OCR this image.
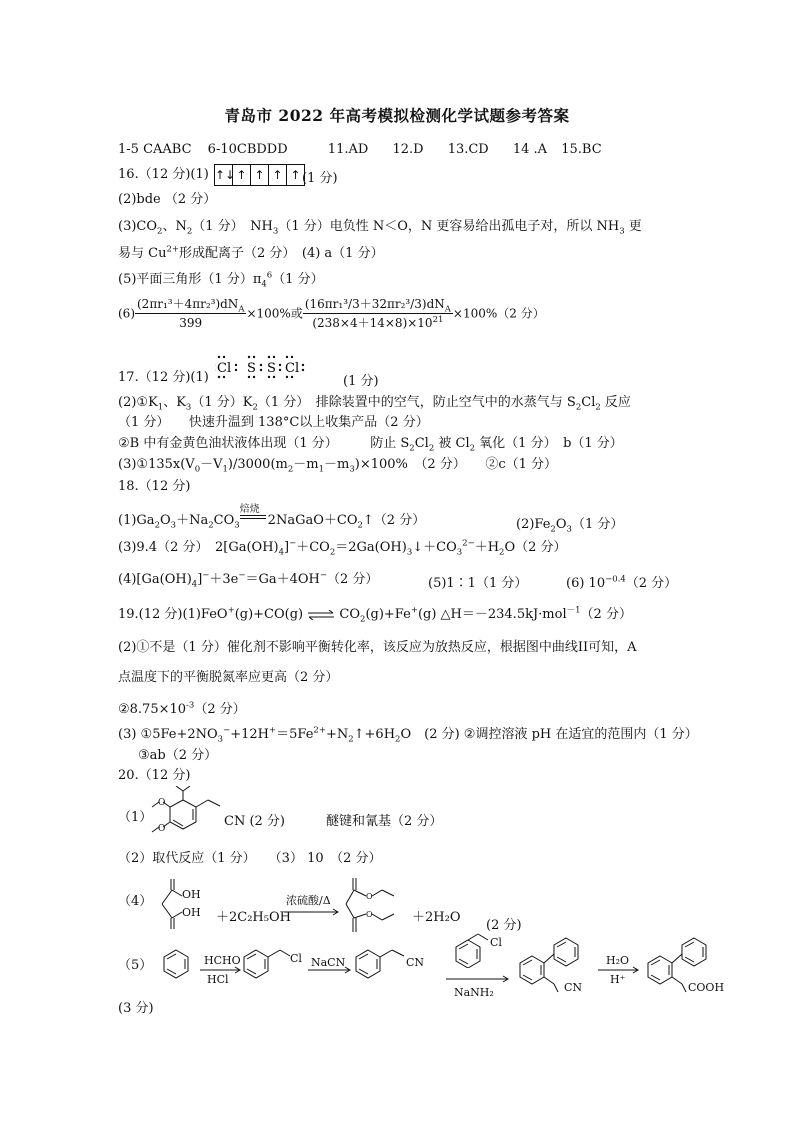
青岛市 2022 年高考模拟检测化学试题参考答案
1-5 CAABC 6-10CBDDD	11.AD 12.D 13.CD 14 .A 15.BC
16.（12 分)(1) ↑↓ ↑ ↑ ↑ ↑ (1 分)
(2)bde （2 分）
$(3)CO_2$、$N_2(1$ 分）　$NH_3(1$ 分）电负性 N＜O，N 更容易给出孤电子对，所以 $NH_3$ 更
易与 $Cu^{2+}$形成配离子（2 分）　(4) a（1 分）
(5)平面三角形（1 分）$\pi_4^6(1$ 分）
$(6) \frac{(2\pi r_1^3+4\pi r_2^3)dN_A}{399} \times 100\%$或 $\frac{(16\pi r_1^3/3+32\pi r_2^3/3)dN_A}{(238\times 4+14\times 8)\times 10^{21}} \times 100\%(2$ 分）
17.（12 分)(1)
Cl S S Cl
(1 分)
$(2)①K_1$、$K_3(1$ 分）$K_2(1$ 分）　排除装置中的空气，防止空气中的水蒸气与 $S_2Cl_2$ 反应
（1 分）　　快速升温到 138°C以上收集产品（2 分）
②B 中有金黄色油状液体出现（1 分）　　　防止 $S_2Cl_2$ 被 $Cl_2$ 氧化（1 分）　b（1 分）
$(3)①135x(V_0-V_1)/3000(m_2-m_1-m_3)\times 100\%$　（2 分）　　②c（1 分）
18.（12 分)
$(1)Ga_2O_3+Na_2CO_3$
焙烧
$2NaGaO+CO_2↑(2$ 分）	$(2)Fe_2O_3(1$ 分）
(3)9.4（2 分）　$2[Ga(OH)_4]^-+CO_2=2Ga(OH)_3↓+CO_3^{2-}+H_2O(2$ 分）
$(4)[Ga(OH)_4]^-+3e^-=Ga+4OH^-(2$ 分）	(5)1∶1（1 分）	(6) $10^{-0.4}(2$ 分）
19.(12 分)(1)FeO+(g)+CO(g) ⇌ $CO_2(g)+Fe^+(g)$ △H＝－234.5kJ·mol$^{-1}$（2 分）
(2)①不是（1 分）催化剂不影响平衡转化率，该反应为放热反应，根据图中曲线II可知，A
点温度下的平衡脱氮率应更高（2 分）
$②8.75\times 10^{-3}(2$ 分）
(3) $①5Fe+2NO_3^-+12H^+=5Fe^{2+}+N_2↑+6H_2O$　(2 分) ②调控溶液 pH 在适宜的范围内（1 分）
③ab（2 分）
20.（12 分)
（1）
O
O	CN (2 分)	醚键和氰基（2 分）
（2）取代反应（1 分）　　（3） 10　（2 分）
（4）	OH
OH ＋2C₂H₅OH
浓硫酸/Δ	O
O	＋2H₂O
(2 分)
（5）	HCHO
HCl
Cl NaCN	CN
Cl
NaNH₂	CN
H₂O
H⁺
COOH
(3 分)
